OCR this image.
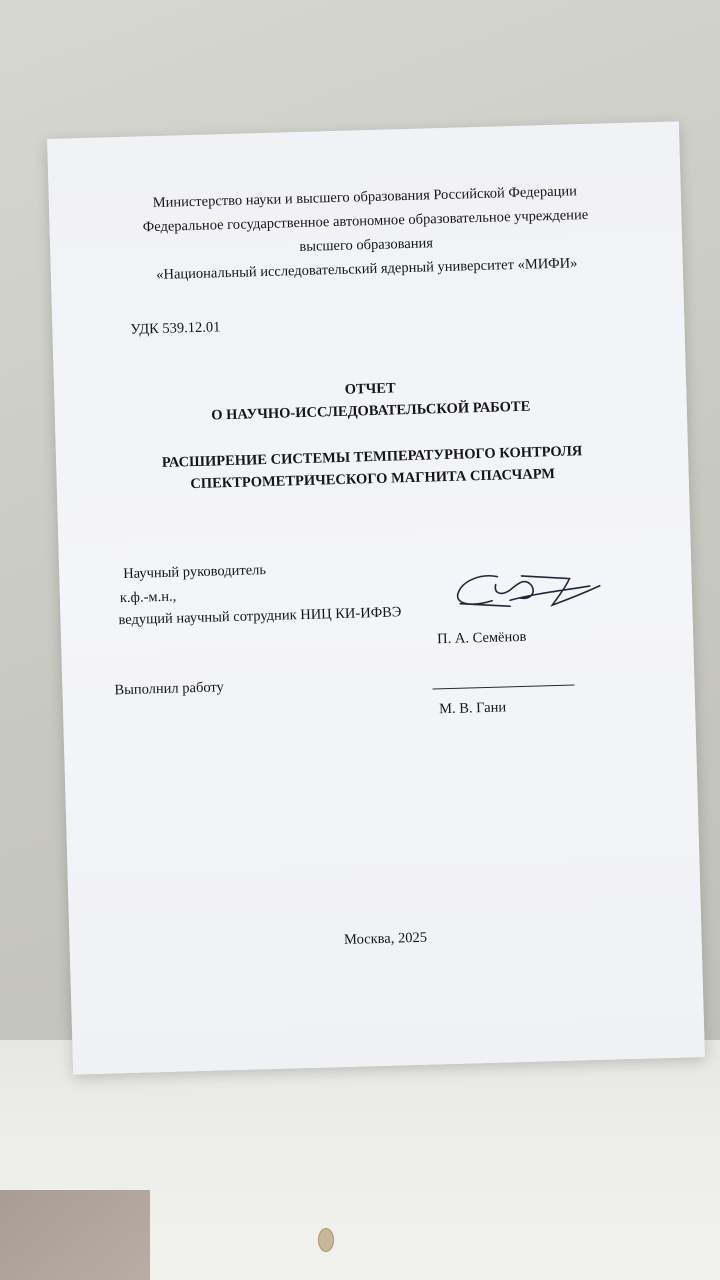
Министерство науки и высшего образования Российской Федерации
Федеральное государственное автономное образовательное учреждение
высшего образования
«Национальный исследовательский ядерный университет «МИФИ»
УДК 539.12.01
ОТЧЕТ
О НАУЧНО-ИССЛЕДОВАТЕЛЬСКОЙ РАБОТЕ
РАСШИРЕНИЕ СИСТЕМЫ ТЕМПЕРАТУРНОГО КОНТРОЛЯ
СПЕКТРОМЕТРИЧЕСКОГО МАГНИТА СПАСЧАРМ
Научный руководитель
к.ф.-м.н.,
ведущий научный сотрудник НИЦ КИ-ИФВЭ
П. А. Семёнов
Выполнил работу
М. В. Гани
Москва, 2025
